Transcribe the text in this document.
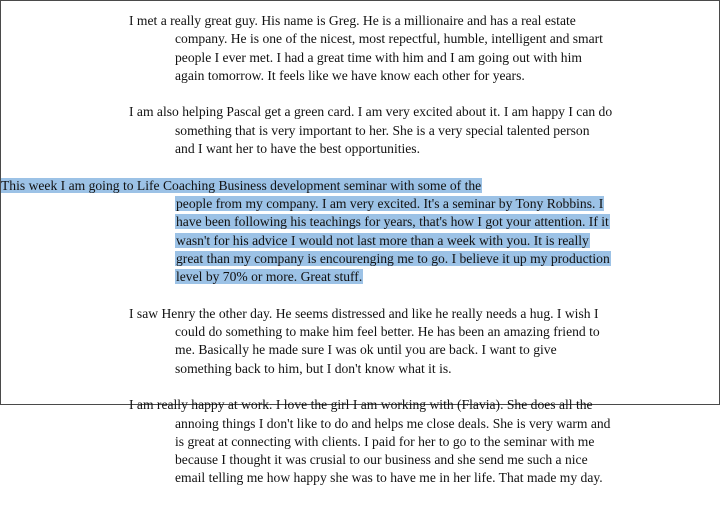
I met a really great guy. His name is Greg. He is a millionaire and has a real estate
company. He is one of the nicest, most repectful, humble, intelligent and smart
people I ever met. I had a great time with him and I am going out with him
again tomorrow. It feels like we have know each other for years.
I am also helping Pascal get a green card. I am very excited about it. I am happy I can do
something that is very important to her. She is a very special talented person
and I want her to have the best opportunities.
This week I am going to Life Coaching Business development seminar with some of the
people from my company. I am very excited. It's a seminar by Tony Robbins. I
have been following his teachings for years, that's how I got your attention. If it
wasn't for his advice I would not last more than a week with you. It is really
great than my company is encourenging me to go. I believe it up my production
level by 70% or more. Great stuff.
I saw Henry the other day. He seems distressed and like he really needs a hug. I wish I
could do something to make him feel better. He has been an amazing friend to
me. Basically he made sure I was ok until you are back. I want to give
something back to him, but I don't know what it is.
I am really happy at work. I love the girl I am working with (Flavia). She does all the
annoing things I don't like to do and helps me close deals. She is very warm and
is great at connecting with clients. I paid for her to go to the seminar with me
because I thought it was crusial to our business and she send me such a nice
email telling me how happy she was to have me in her life. That made my day.
